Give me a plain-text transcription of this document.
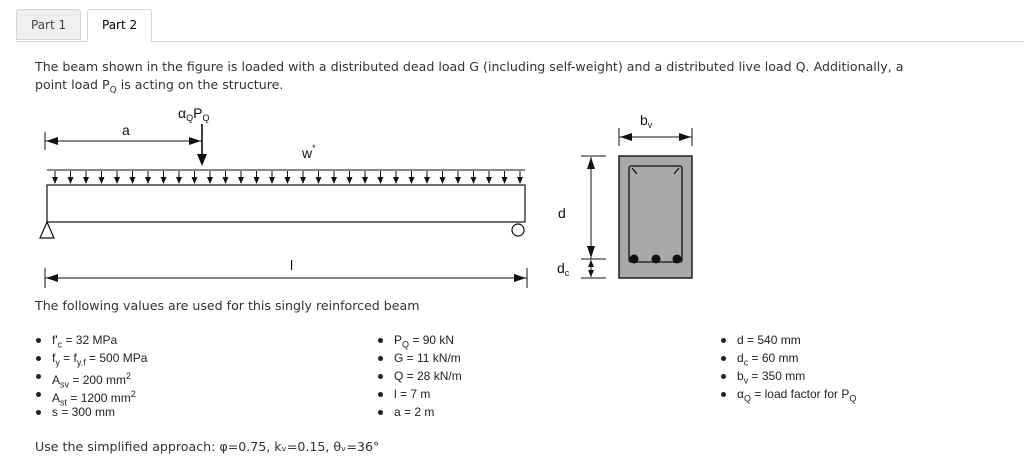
Part 1	Part 2
The beam shown in the figure is loaded with a distributed dead load G (including self-weight) and a distributed live load Q. Additionally, a
point load $P_Q$ is acting on the structure.
$\alpha_QP_Q$
a
w*
l
$b_v$
d
$d_c$
The following values are used for this singly reinforced beam
$f'_c = 32$ MPa
$f_y = f_{y.f} = 500$ MPa
$A_{sv} = 200$ $mm^2$
$A_{st} = 1200$ $mm^2$
s = 300 mm
$P_Q = 90$ kN
G = 11 kN/m
Q = 28 kN/m
l = 7 m
a = 2 m
d = 540 mm
$d_c = 60$ mm
$b_v = 350$ mm
$\alpha_Q$ = load factor for $P_Q$
Use the simplified approach: φ=0.75, kᵥ=0.15, θᵥ=36°
